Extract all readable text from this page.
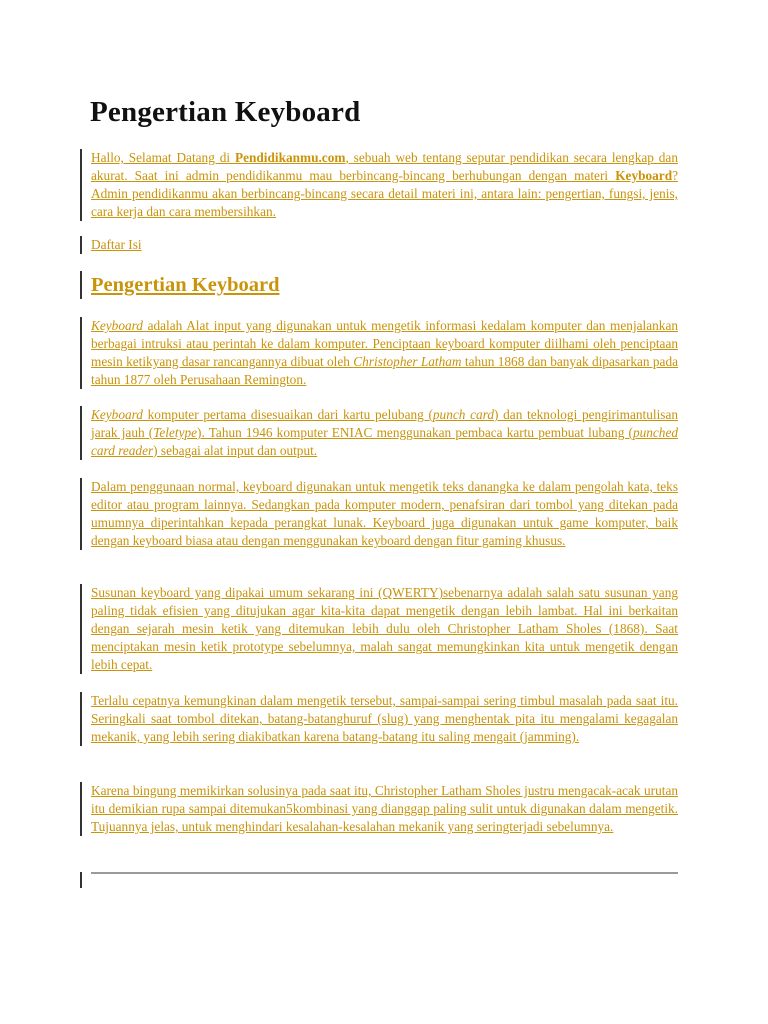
Pengertian Keyboard

Hallo, Selamat Datang di Pendidikanmu.com, sebuah web tentang seputar pendidikan secara lengkap dan akurat. Saat ini admin pendidikanmu mau berbincang-bincang berhubungan dengan materi Keyboard? Admin pendidikanmu akan berbincang-bincang secara detail materi ini, antara lain: pengertian, fungsi, jenis, cara kerja dan cara membersihkan.

Daftar Isi

Pengertian Keyboard

Keyboard adalah Alat input yang digunakan untuk mengetik informasi kedalam komputer dan menjalankan berbagai intruksi atau perintah ke dalam komputer. Penciptaan keyboard komputer diilhami oleh penciptaan mesin ketikyang dasar rancangannya dibuat oleh Christopher Latham tahun 1868 dan banyak dipasarkan pada tahun 1877 oleh Perusahaan Remington.

Keyboard komputer pertama disesuaikan dari kartu pelubang (punch card) dan teknologi pengirimantulisan jarak jauh (Teletype). Tahun 1946 komputer ENIAC menggunakan pembaca kartu pembuat lubang (punched card reader) sebagai alat input dan output.

Dalam penggunaan normal, keyboard digunakan untuk mengetik teks danangka ke dalam pengolah kata, teks editor atau program lainnya. Sedangkan pada komputer modern, penafsiran dari tombol yang ditekan pada umumnya diperintahkan kepada perangkat lunak. Keyboard juga digunakan untuk game komputer, baik dengan keyboard biasa atau dengan menggunakan keyboard dengan fitur gaming khusus.

Susunan keyboard yang dipakai umum sekarang ini (QWERTY)sebenarnya adalah salah satu susunan yang paling tidak efisien yang ditujukan agar kita-kita dapat mengetik dengan lebih lambat. Hal ini berkaitan dengan sejarah mesin ketik yang ditemukan lebih dulu oleh Christopher Latham Sholes (1868). Saat menciptakan mesin ketik prototype sebelumnya, malah sangat memungkinkan kita untuk mengetik dengan lebih cepat.

Terlalu cepatnya kemungkinan dalam mengetik tersebut, sampai-sampai sering timbul masalah pada saat itu. Seringkali saat tombol ditekan, batang-batanghuruf (slug) yang menghentak pita itu mengalami kegagalan mekanik, yang lebih sering diakibatkan karena batang-batang itu saling mengait (jamming).

Karena bingung memikirkan solusinya pada saat itu, Christopher Latham Sholes justru mengacak-acak urutan itu demikian rupa sampai ditemukan5kombinasi yang dianggap paling sulit untuk digunakan dalam mengetik. Tujuannya jelas, untuk menghindari kesalahan-kesalahan mekanik yang seringterjadi sebelumnya.
